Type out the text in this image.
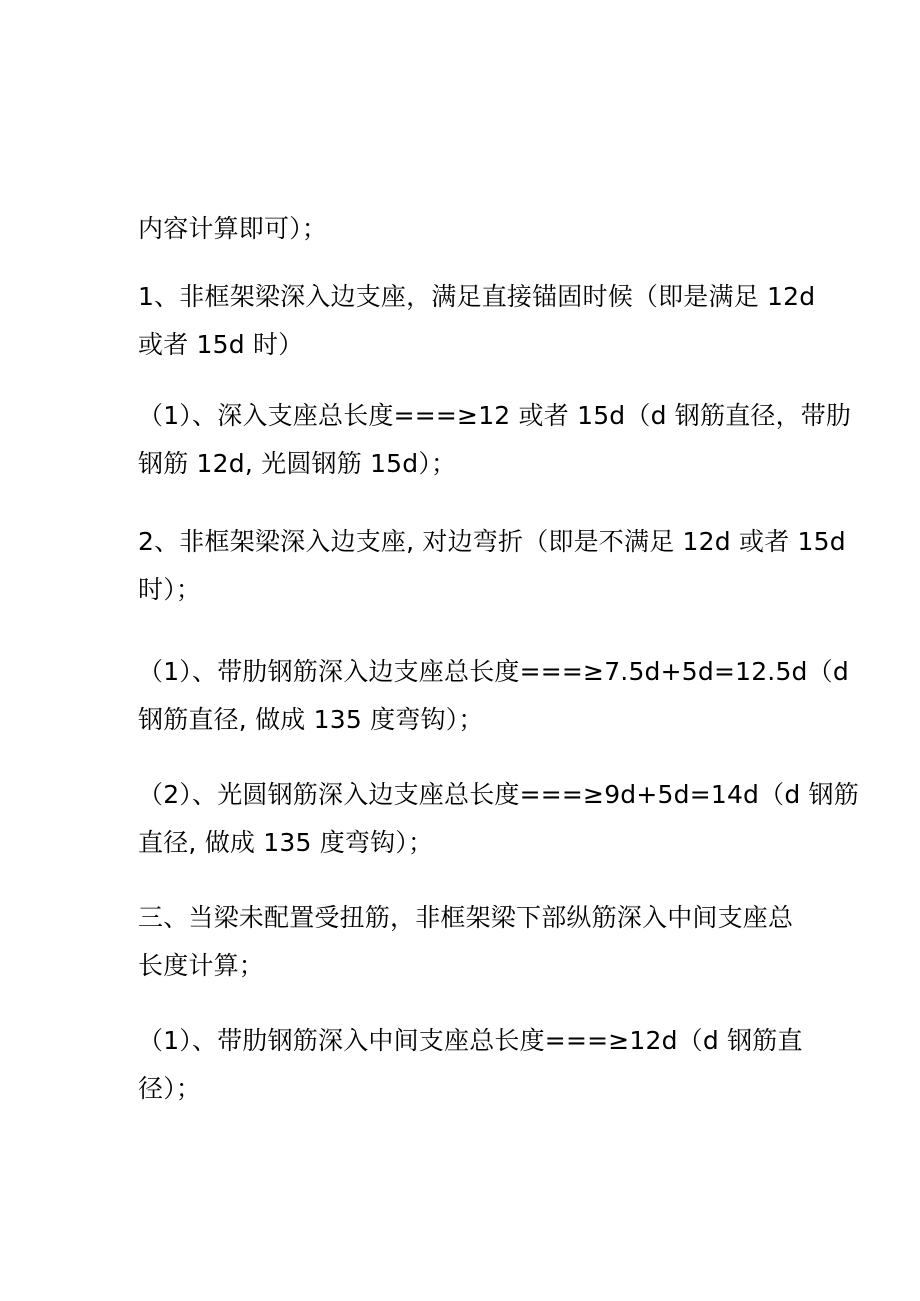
内容计算即可）；
1、非框架梁深入边支座，满足直接锚固时候（即是满足 12d
或者 15d 时）
（1）、深入支座总长度===≥12 或者 15d（d 钢筋直径，带肋
钢筋 12d, 光圆钢筋 15d）；
2、非框架梁深入边支座, 对边弯折（即是不满足 12d 或者 15d
时）；
（1）、带肋钢筋深入边支座总长度===≥7.5d+5d=12.5d（d
钢筋直径, 做成 135 度弯钩）；
（2）、光圆钢筋深入边支座总长度===≥9d+5d=14d（d 钢筋
直径, 做成 135 度弯钩）；
三、当梁未配置受扭筋，非框架梁下部纵筋深入中间支座总
长度计算；
（1）、带肋钢筋深入中间支座总长度===≥12d（d 钢筋直
径）；
